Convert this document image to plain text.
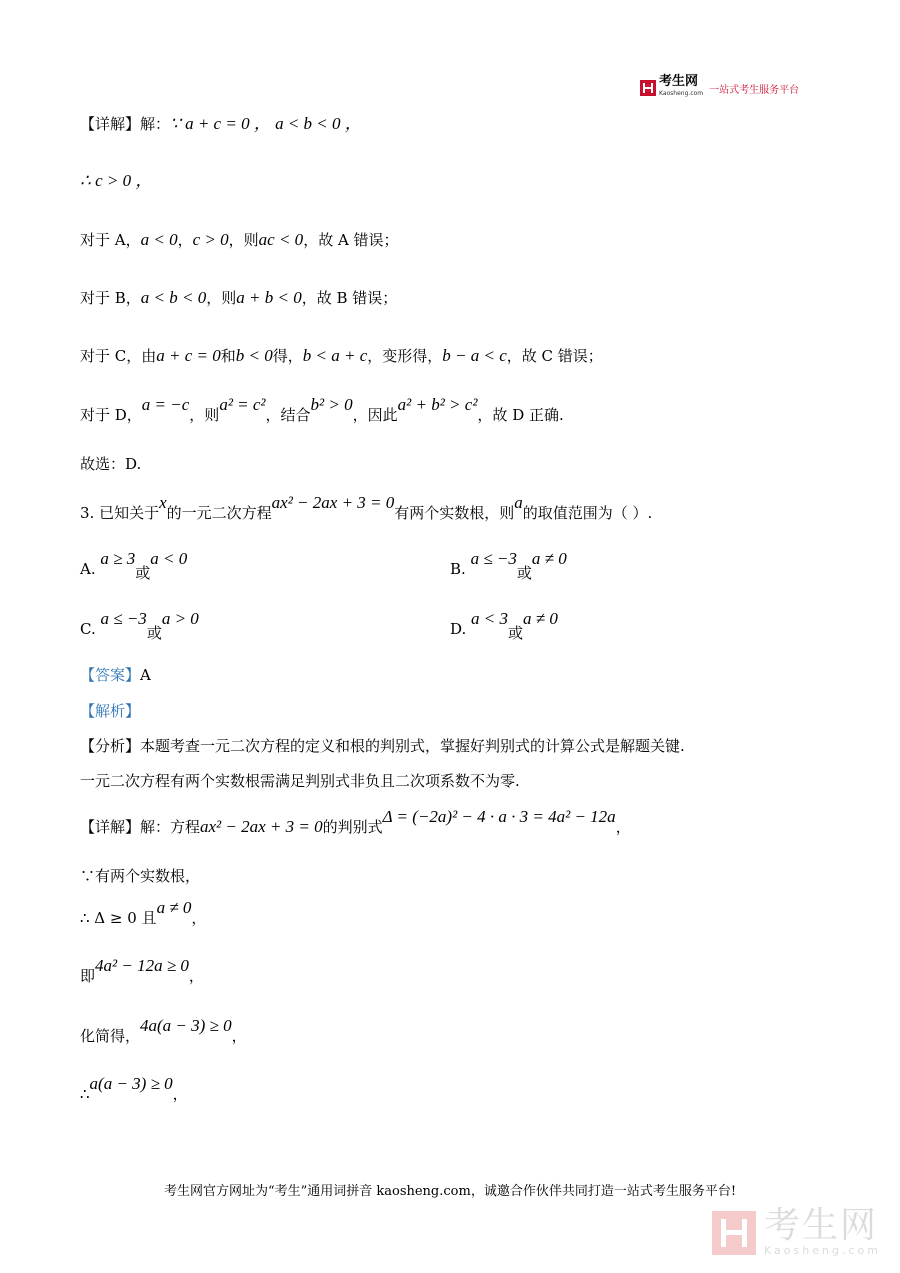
考生网
Kaosheng.com 一站式考生服务平台
【详解】解：∵ a + c = 0 ， a < b < 0 ，
∴ c > 0 ，
对于 A，a < 0，c > 0，则ac < 0，故 A 错误；
对于 B，a < b < 0，则a + b < 0，故 B 错误；
对于 C，由a + c = 0和b < 0得，b < a + c，变形得，b − a < c，故 C 错误；
对于 D，a = −c，则a² = c²，结合b² > 0，因此a² + b² > c²，故 D 正确.
故选：D.
3. 已知关于x的一元二次方程ax² − 2ax + 3 = 0有两个实数根，则a的取值范围为（ ）.
A. a ≥ 3或a < 0
B. a ≤ −3或a ≠ 0
C. a ≤ −3或a > 0
D. a < 3或a ≠ 0
【答案】A
【解析】
【分析】本题考查一元二次方程的定义和根的判别式，掌握好判别式的计算公式是解题关键.
一元二次方程有两个实数根需满足判别式非负且二次项系数不为零.
【详解】解：方程ax² − 2ax + 3 = 0的判别式Δ = (−2a)² − 4 · a · 3 = 4a² − 12a，
∵有两个实数根，
∴ Δ ≥ 0 且a ≠ 0，
即4a² − 12a ≥ 0，
化简得，4a(a − 3) ≥ 0，
∴a(a − 3) ≥ 0，
考生网官方网址为“考生”通用词拼音 kaosheng.com，诚邀合作伙伴共同打造一站式考生服务平台!
考生网
Kaosheng.com
